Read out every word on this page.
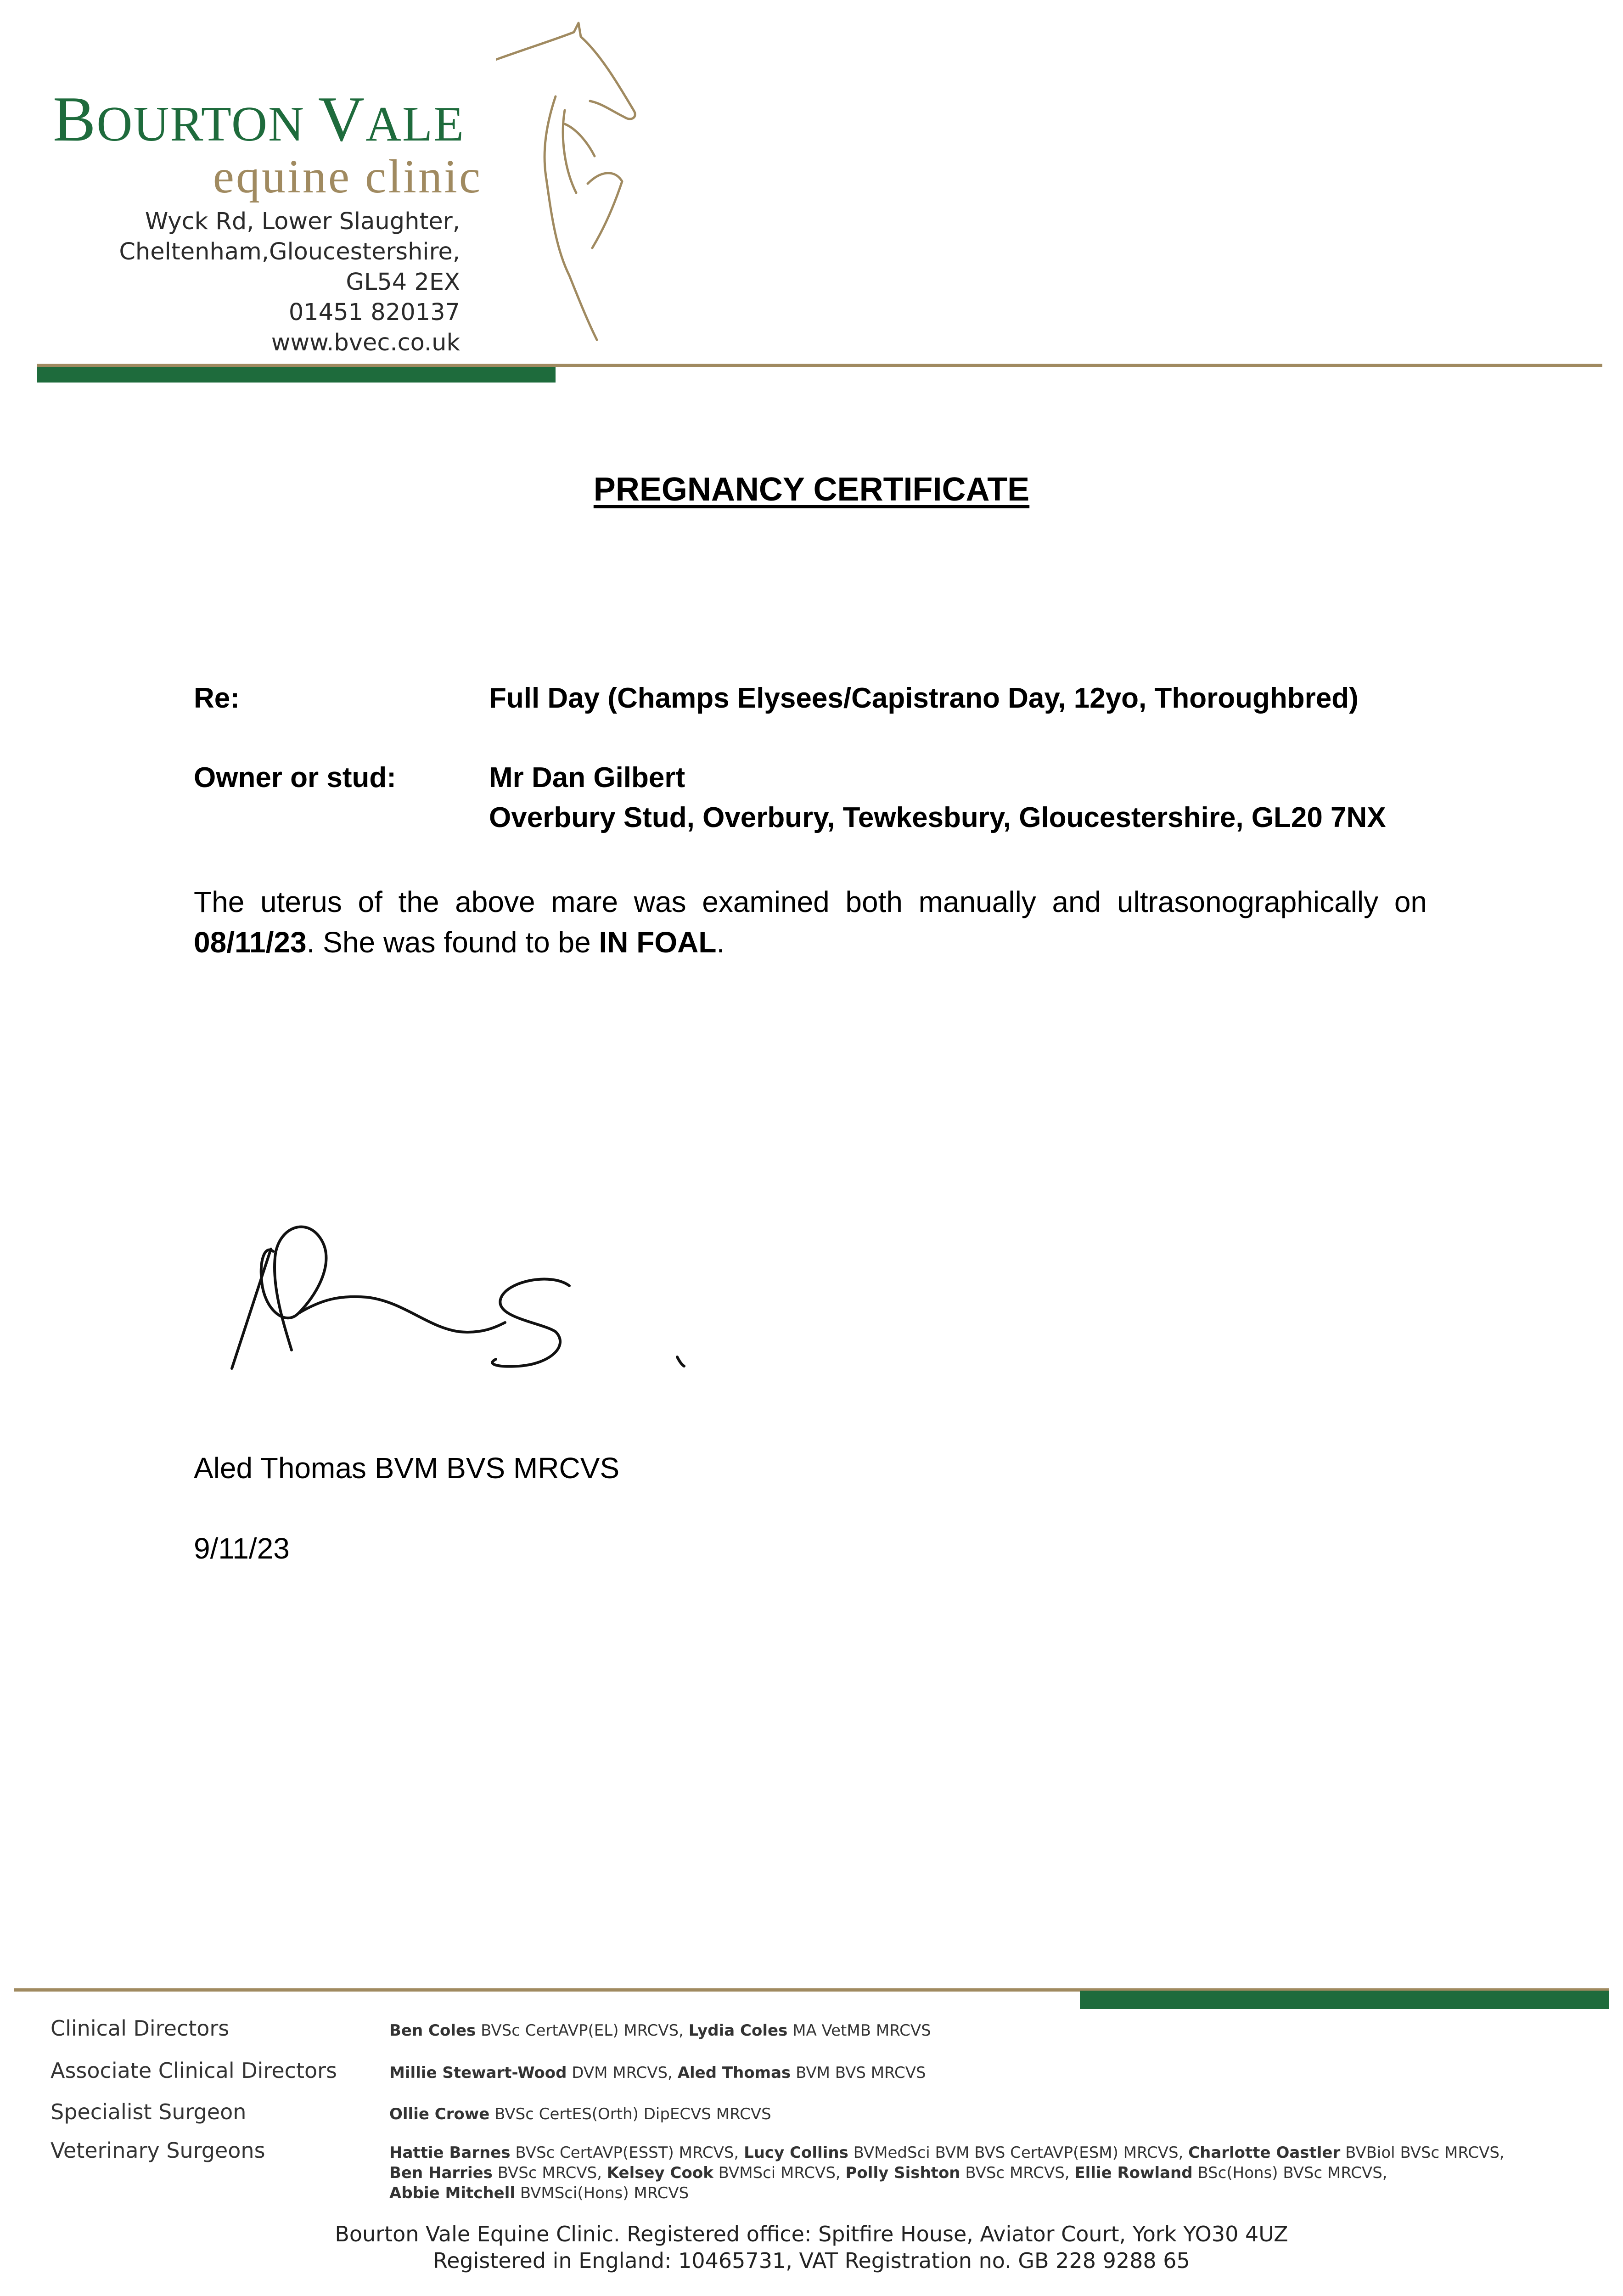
BOURTON VALE
equine clinic
Wyck Rd, Lower Slaughter,
Cheltenham,Gloucestershire,
GL54 2EX
01451 820137
www.bvec.co.uk
PREGNANCY CERTIFICATE
Re:	Full Day (Champs Elysees/Capistrano Day, 12yo, Thoroughbred)
Owner or stud:	Mr Dan Gilbert
Overbury Stud, Overbury, Tewkesbury, Gloucestershire, GL20 7NX
The uterus of the above mare was examined both manually and ultrasonographically on 08/11/23. She was found to be IN FOAL.
Aled Thomas BVM BVS MRCVS
9/11/23
Clinical Directors	Ben Coles BVSc CertAVP(EL) MRCVS, Lydia Coles MA VetMB MRCVS
Associate Clinical Directors	Millie Stewart-Wood DVM MRCVS, Aled Thomas BVM BVS MRCVS
Specialist Surgeon	Ollie Crowe BVSc CertES(Orth) DipECVS MRCVS
Veterinary Surgeons	Hattie Barnes BVSc CertAVP(ESST) MRCVS, Lucy Collins BVMedSci BVM BVS CertAVP(ESM) MRCVS, Charlotte Oastler BVBiol BVSc MRCVS,
Ben Harries BVSc MRCVS, Kelsey Cook BVMSci MRCVS, Polly Sishton BVSc MRCVS, Ellie Rowland BSc(Hons) BVSc MRCVS,
Abbie Mitchell BVMSci(Hons) MRCVS
Bourton Vale Equine Clinic. Registered office: Spitfire House, Aviator Court, York YO30 4UZ
Registered in England: 10465731, VAT Registration no. GB 228 9288 65
